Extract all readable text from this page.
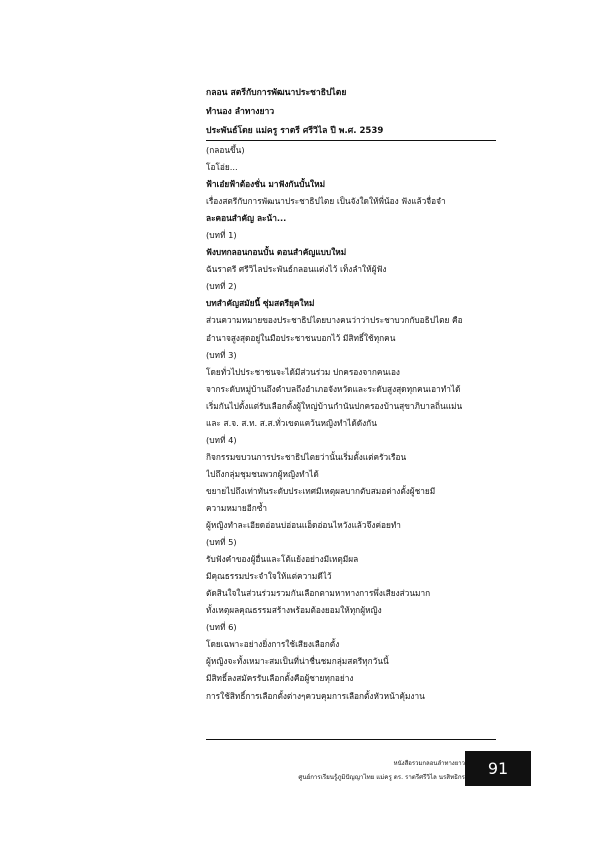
กลอน สตรีกับการพัฒนาประชาธิปไตย
ทำนอง ลำทางยาว
ประพันธ์โดย แม่ครู ราตรี ศรีวิไล ปี พ.ศ. 2539
(กลอนขึ้น)
โอโอ่ย...
ฟ้าเอ๋ยฟ้าต้องชั่น มาฟังกันบั้นใหม่
เรื่องสตรีกับการพัฒนาประชาธิปไตย เป็นจังใดให้พี่น้อง ฟังแล้วจื่อจำ
ละคอนสำคัญ ละน้า...
(บทที่ 1)
ฟังบทกลอนกอนบั้น ตอนสำคัญแบบใหม่
ฉันราตรี ศรีวิไลประพันธ์กลอนแต่งไว้ เท็งลำให้ผู้ฟัง
(บทที่ 2)
บทสำคัญสมัยนี้ ซุ่มสตรียุคใหม่
ส่วนความหมายของประชาธิปไตยบางคนว่าว่าประชาบวกกับอธิปไตย คือ
อำนาจสูงสุดอยู่ในมือประชาชนบอกไว้ มีสิทธิ์ใช้ทุกคน
(บทที่ 3)
โดยทั่วไปประชาชนจะได้มีส่วนร่วม ปกครองจากคนเอง
จากระดับหมู่บ้านถึงตำบลถึงอำเภอจังหวัดและระดับสูงสุดทุกคนเอาทำได้
เริ่มกันไปตั้งแต่รับเลือกตั้งผู้ใหญ่บ้านกำนันปกครองบ้านสุขาภิบาลถิ่นแม่น
และ ส.จ. ส.ท. ส.ส.ทั่วเขตแคว้นหญิงทำได้ดังกัน
(บทที่ 4)
กิจกรรมขบวนการประชาธิปไตยว่านั้นเริ่มตั้งแต่ครัวเรือน
ไปถึงกลุ่มชุมชนพวกผู้หญิงทำได้
ขยายไปถึงเท่าทันระดับประเทศมีเหตุผลบากตับสมอต่างตั้งผู้ชายมี
ความหมายอีกซ้ำ
ผู้หญิงทำละเอียดอ่อนบ่อ่อนแอ็ดอ่อนไหวังแล้วจึงค่อยทำ
(บทที่ 5)
รับฟังคำของผู้อื่นและโต้แย้งอย่างมีเหตุมีผล
มีคุณธรรมประจำใจให้แต่ความดีไว้
ตัดสินใจในส่วนร่วมรวมกันเลือกตามหาทางการพึ่งเสียงส่วนมาก
ทั้งเหตุผลคุณธรรมสร้างพร้อมต้องยอมให้ทุกผู้หญิง
(บทที่ 6)
โดยเฉพาะอย่างยิ่งการใช้เสียงเลือกตั้ง
ผู้หญิงจะทั้งเหมาะสมเป็นที่น่าชื่นชมกลุ่มสตรีทุกวันนี้
มีสิทธิ์ลงสมัครรับเลือกตั้งคือผู้ชายทุกอย่าง
การใช้สิทธิ์การเลือกตั้งต่างๆควบคุมการเลือกตั้งหัวหน้าคุ้มงาน
หนังสือรวมกลอนลำทางยาว
ศูนย์การเรียนรู้ภูมิปัญญาไทย แม่ครู ดร. ราตรีศรีวิไล นรสิทธิกร 91
